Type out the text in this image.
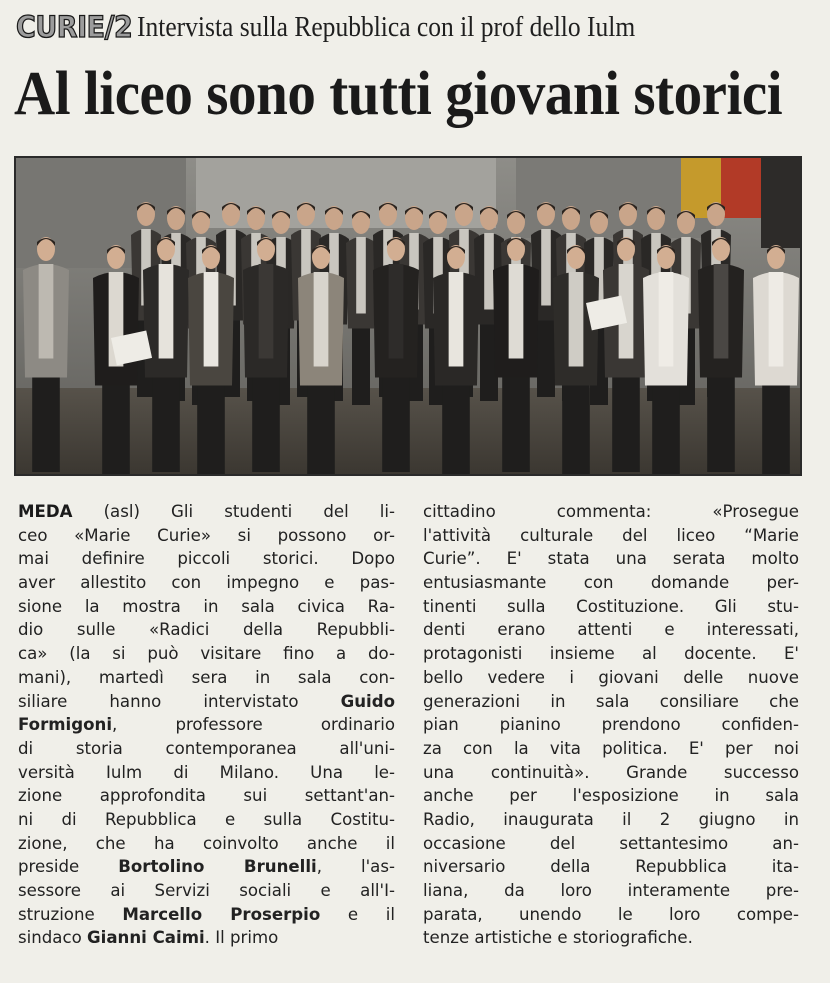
CURIE/2 Intervista sulla Repubblica con il prof dello Iulm
Al liceo sono tutti giovani storici
MEDA (asl) Gli studenti del li-
ceo «Marie Curie» si possono or-
mai definire piccoli storici. Dopo
aver allestito con impegno e pas-
sione la mostra in sala civica Ra-
dio sulle «Radici della Repubbli-
ca» (la si può visitare fino a do-
mani), martedì sera in sala con-
siliare hanno intervistato Guido
Formigoni, professore ordinario
di storia contemporanea all'uni-
versità Iulm di Milano. Una le-
zione approfondita sui settant'an-
ni di Repubblica e sulla Costitu-
zione, che ha coinvolto anche il
preside Bortolino Brunelli, l'as-
sessore ai Servizi sociali e all'I-
struzione Marcello Proserpio e il
sindaco Gianni Caimi. Il primo
cittadino commenta: «Prosegue
l'attività culturale del liceo “Marie
Curie”. E' stata una serata molto
entusiasmante con domande per-
tinenti sulla Costituzione. Gli stu-
denti erano attenti e interessati,
protagonisti insieme al docente. E'
bello vedere i giovani delle nuove
generazioni in sala consiliare che
pian pianino prendono confiden-
za con la vita politica. E' per noi
una continuità». Grande successo
anche per l'esposizione in sala
Radio, inaugurata il 2 giugno in
occasione del settantesimo an-
niversario della Repubblica ita-
liana, da loro interamente pre-
parata, unendo le loro compe-
tenze artistiche e storiografiche.
